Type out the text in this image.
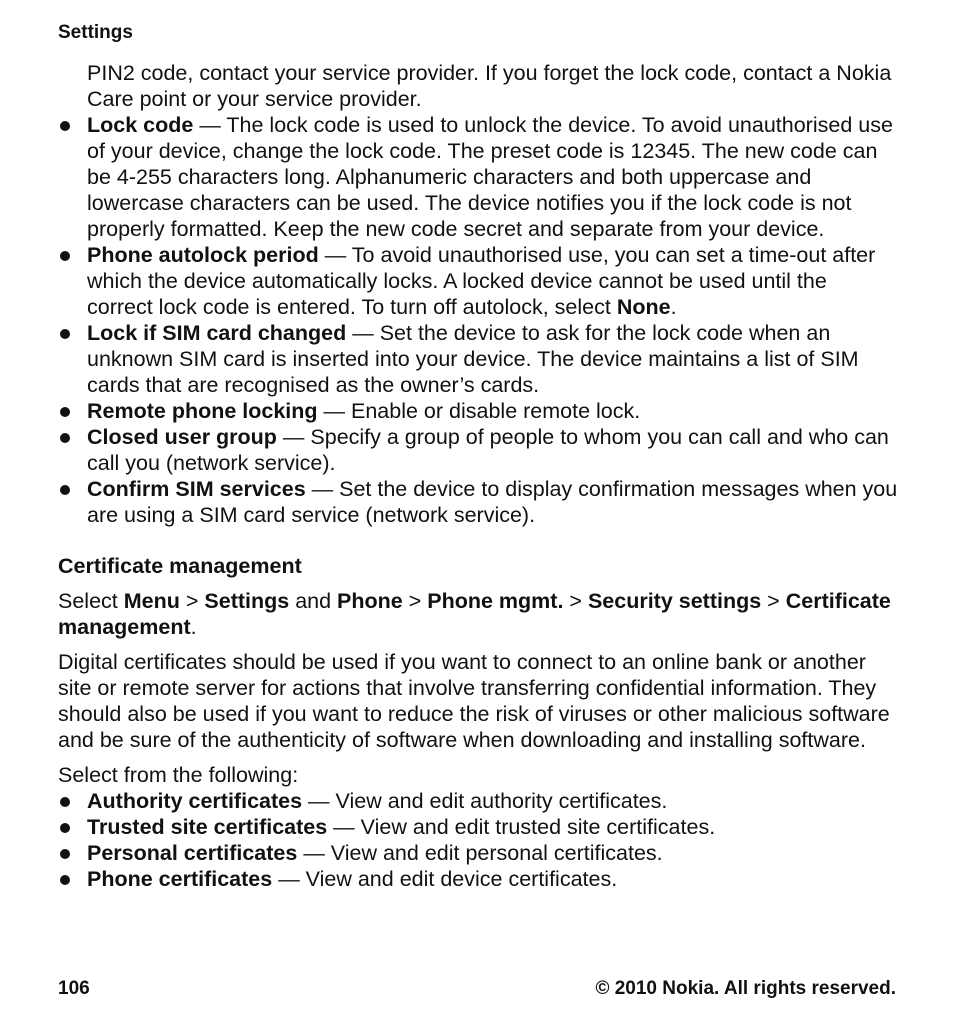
Settings

PIN2 code, contact your service provider. If you forget the lock code, contact a Nokia Care point or your service provider.

Lock code — The lock code is used to unlock the device. To avoid unauthorised use of your device, change the lock code. The preset code is 12345. The new code can be 4-255 characters long. Alphanumeric characters and both uppercase and lowercase characters can be used. The device notifies you if the lock code is not properly formatted. Keep the new code secret and separate from your device.
Phone autolock period — To avoid unauthorised use, you can set a time-out after which the device automatically locks. A locked device cannot be used until the correct lock code is entered. To turn off autolock, select None.
Lock if SIM card changed — Set the device to ask for the lock code when an unknown SIM card is inserted into your device. The device maintains a list of SIM cards that are recognised as the owner’s cards.
Remote phone locking — Enable or disable remote lock.
Closed user group — Specify a group of people to whom you can call and who can call you (network service).
Confirm SIM services — Set the device to display confirmation messages when you are using a SIM card service (network service).
Certificate management

Select Menu > Settings and Phone > Phone mgmt. > Security settings > Certificate management.

Digital certificates should be used if you want to connect to an online bank or another site or remote server for actions that involve transferring confidential information. They should also be used if you want to reduce the risk of viruses or other malicious software and be sure of the authenticity of software when downloading and installing software.

Select from the following:

Authority certificates — View and edit authority certificates.
Trusted site certificates — View and edit trusted site certificates.
Personal certificates — View and edit personal certificates.
Phone certificates — View and edit device certificates.
106	© 2010 Nokia. All rights reserved.
